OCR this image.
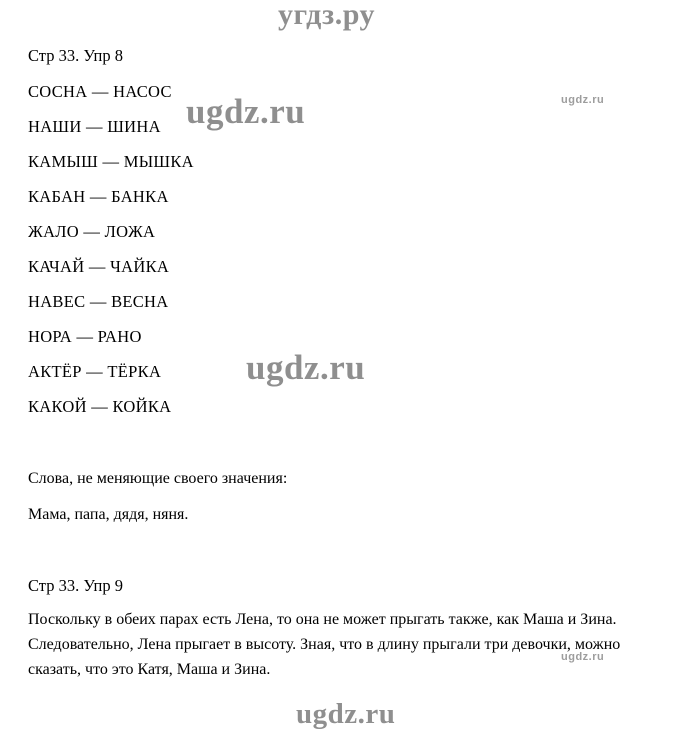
угдз.ру
ugdz.ru
ugdz.ru
ugdz.ru
ugdz.ru
ugdz.ru
Стр 33. Упр 8
СОСНА — НАСОС
НАШИ — ШИНА
КАМЫШ — МЫШКА
КАБАН — БАНКА
ЖАЛО — ЛОЖА
КАЧАЙ — ЧАЙКА
НАВЕС — ВЕСНА
НОРА — РАНО
АКТЁР — ТЁРКА
КАКОЙ — КОЙКА
Слова, не меняющие своего значения:
Мама, папа, дядя, няня.
Стр 33. Упр 9
Поскольку в обеих парах есть Лена, то она не может прыгать также, как Маша и Зина. Следовательно, Лена прыгает в высоту. Зная, что в длину прыгали три девочки, можно сказать, что это Катя, Маша и Зина.
